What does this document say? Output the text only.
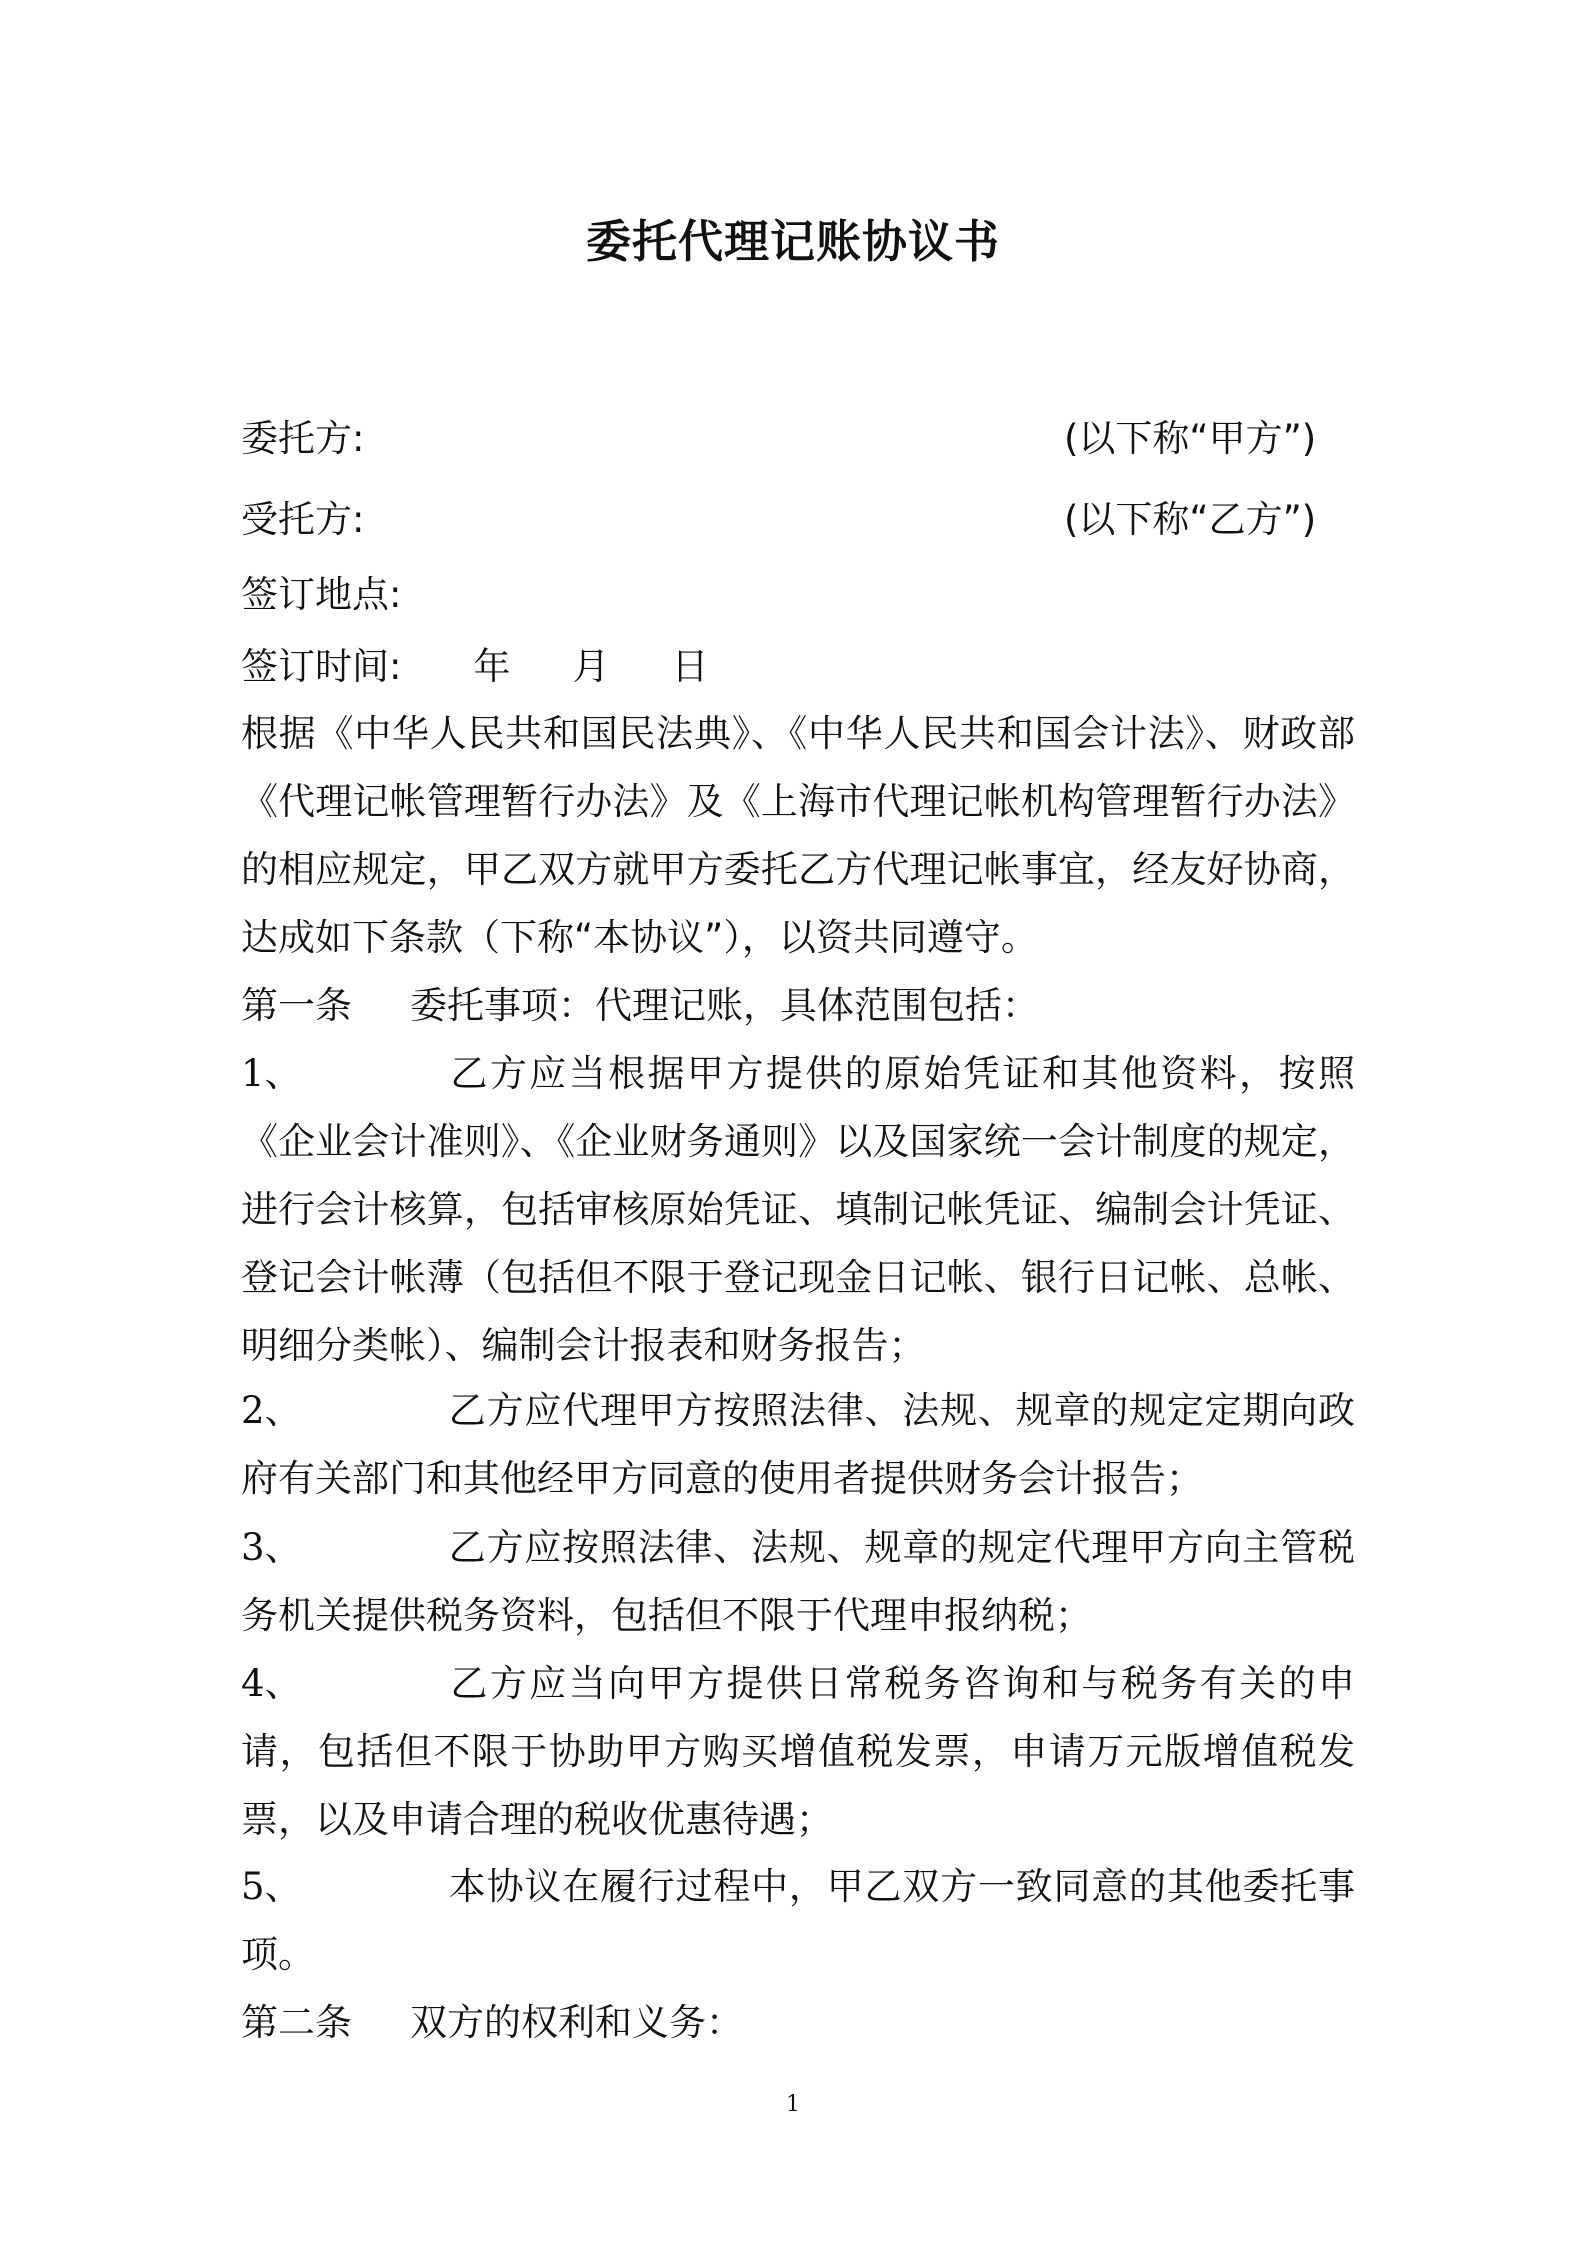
委托代理记账协议书
委托方:	(以下称“甲方”)
受托方:	(以下称“乙方”)
签订地点:
签订时间: 年 月 日
根据《中华人民共和国民法典》、《中华人民共和国会计法》、财政部《代理记帐管理暂行办法》及《上海市代理记帐机构管理暂行办法》的相应规定，甲乙双方就甲方委托乙方代理记帐事宜，经友好协商，达成如下条款（下称“本协议”），以资共同遵守。
第一条 委托事项：代理记账，具体范围包括：
1、	乙方应当根据甲方提供的原始凭证和其他资料，按照《企业会计准则》、《企业财务通则》以及国家统一会计制度的规定，进行会计核算，包括审核原始凭证、填制记帐凭证、编制会计凭证、登记会计帐薄（包括但不限于登记现金日记帐、银行日记帐、总帐、明细分类帐）、编制会计报表和财务报告；
2、	乙方应代理甲方按照法律、法规、规章的规定定期向政府有关部门和其他经甲方同意的使用者提供财务会计报告；
3、	乙方应按照法律、法规、规章的规定代理甲方向主管税务机关提供税务资料，包括但不限于代理申报纳税；
4、	乙方应当向甲方提供日常税务咨询和与税务有关的申请，包括但不限于协助甲方购买增值税发票，申请万元版增值税发票，以及申请合理的税收优惠待遇；
5、	本协议在履行过程中，甲乙双方一致同意的其他委托事项。
第二条 双方的权利和义务：
1
